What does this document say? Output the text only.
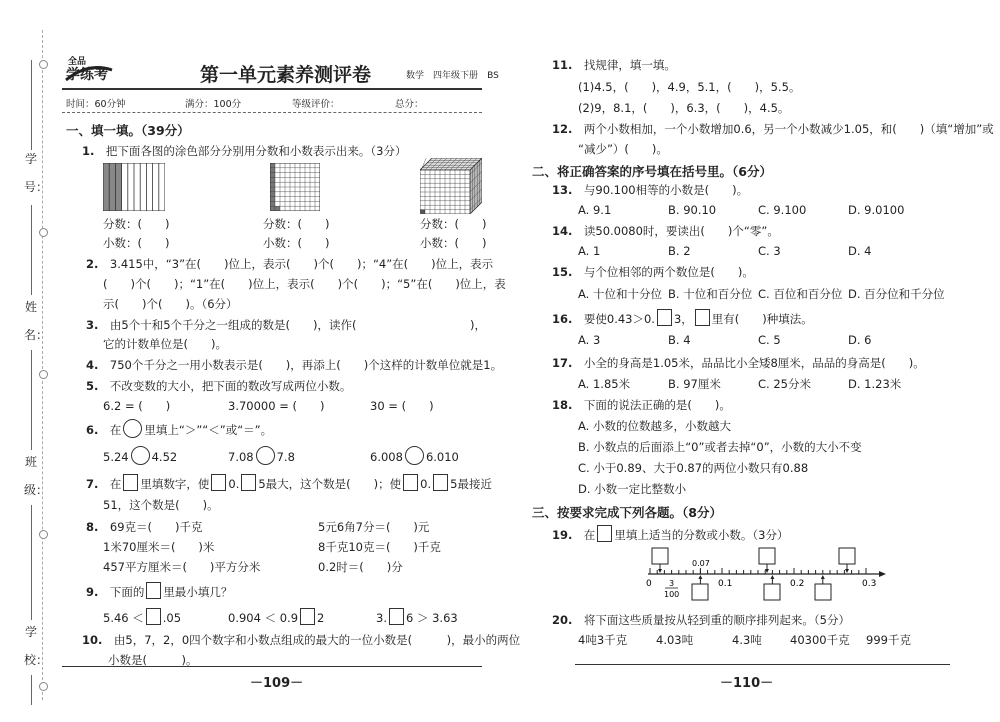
学

号：
姓

名：
班

级：
学

校：
全品
学练考	第一单元素养测评卷	数学　 四年级下册　 BS
时间：60分钟	满分：100分	等级评价：	总分：
一、填一填。（39分）
1.　 把下面各图的涂色部分分别用分数和小数表示出来。（3分）
分数：(　　)
小数：(　　)
分数：(　　)
小数：(　　)
分数：(　　)
小数：(　　)
2.　 3.415中，“3”在(　　)位上，表示(　　)个(　　)；“4”在(　　)位上，表示
(　　)个(　　)；“1”在(　　)位上，表示(　　)个(　　)；“5”在(　　)位上，表
示(　　)个(　　)。（6分）
3.　 由5个十和5个千分之一组成的数是(　　)，读作(	)，
它的计数单位是(　　)。
4.　 750个千分之一用小数表示是(　　)，再添上(　　)个这样的计数单位就是1。
5.　 不改变数的大小，把下面的数改写成两位小数。
6.2 = (　　)	3.70000 = (　　)	30 = (　　)
6.　 在 里填上“＞”“＜”或“＝”。
5.24 4.52	7.08 7.8	6.008 6.010
7.　 在 里填数字，使 0. 5最大，这个数是(　　)；使 0. 5最接近
51，这个数是(　　)。
8.　 69克＝(　　)千克	5元6角7分＝(　　)元
1米70厘米＝(　　)米	8千克10克＝(　　)千克
457平方厘米＝(　　)平方分米	0.2时＝(　　)分
9.　 下面的 里最小填几？
5.46 ＜ .05	0.904 ＜ 0.9 2	3. 6 ＞ 3.63
10.　 由5，7，2，0四个数字和小数点组成的最大的一位小数是(　　　)，最小的两位
小数是(　　　)。
－109－
11.　 找规律，填一填。
(1)4.5，(　　)，4.9，5.1，(　　)，5.5。
(2)9，8.1，(　　)，6.3，(　　)，4.5。
12.　 两个小数相加，一个小数增加0.6，另一个小数减少1.05，和(　　)（填“增加”或
“减少”）(　　)。
二、将正确答案的序号填在括号里。（6分）
13.　 与90.100相等的小数是(　　)。
A. 9.1	B. 90.10	C. 9.100	D. 9.0100
14.　 读50.0080时，要读出(　　)个“零”。
A. 1	B. 2	C. 3	D. 4
15.　 与个位相邻的两个数位是(　　)。
A. 十位和十分位 B. 十位和百分位 C. 百位和百分位 D. 百分位和千分位
16.　 要使0.43＞0. 3， 里有(　　)种填法。
A. 3	B. 4	C. 5	D. 6
17.　 小全的身高是1.05米，品品比小全矮8厘米，品品的身高是(　　)。
A. 1.85米	B. 97厘米	C. 25分米	D. 1.23米
18.　 下面的说法正确的是(　　)。
A. 小数的位数越多，小数越大
B. 小数点的后面添上“0”或者去掉“0”，小数的大小不变
C. 小于0.89、大于0.87的两位小数只有0.88
D. 小数一定比整数小
三、按要求完成下列各题。（8分）
19.　 在 里填上适当的分数或小数。（3分）
0	0.1	0.2	0.3
0.07
3
100
20.　 将下面这些质量按从轻到重的顺序排列起来。（5分）
4吨3千克	4.03吨	4.3吨 40300千克 999千克
－110－
